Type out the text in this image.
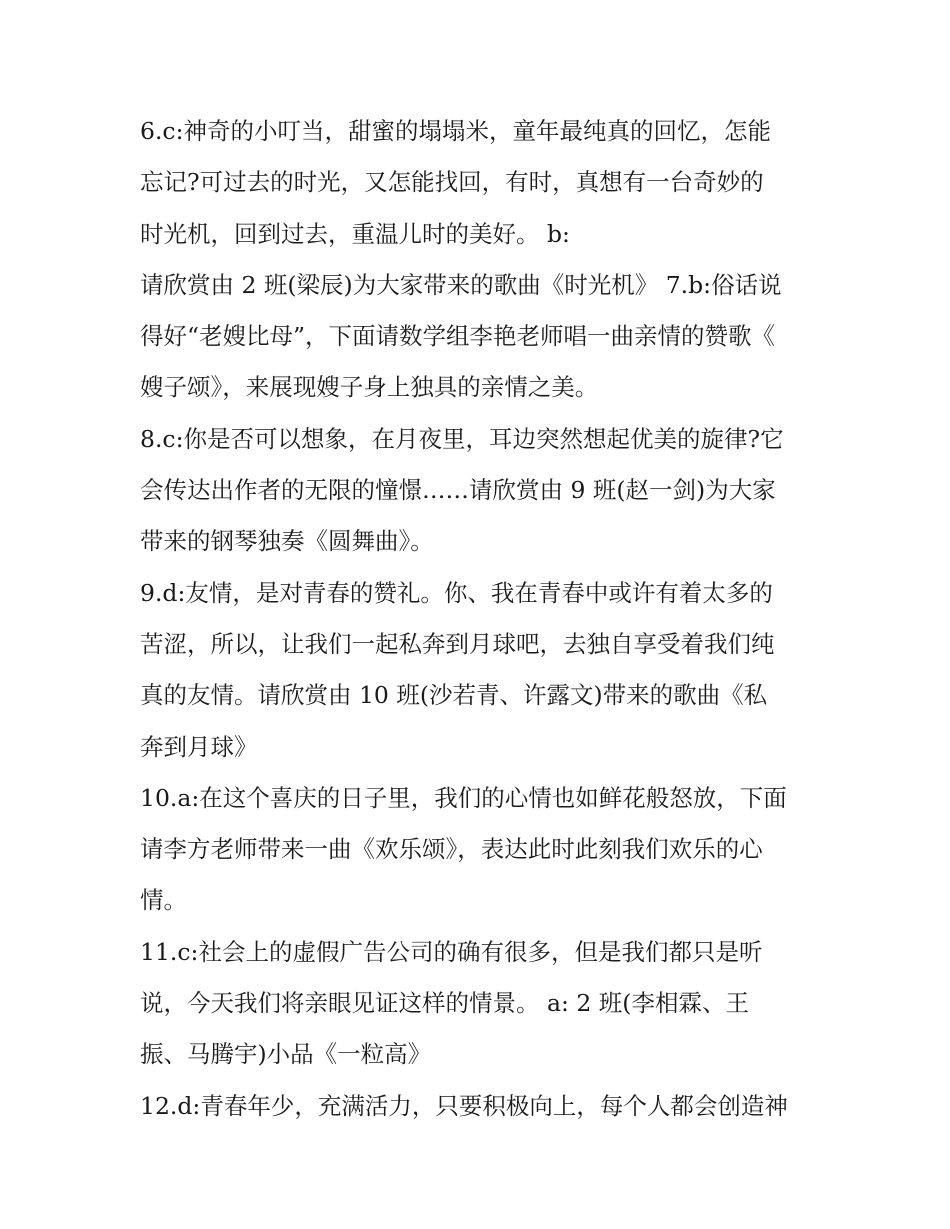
6.c:神奇的小叮当，甜蜜的塌塌米，童年最纯真的回忆，怎能
忘记?可过去的时光，又怎能找回，有时，真想有一台奇妙的
时光机，回到过去，重温儿时的美好。 b:
请欣赏由 2 班(梁辰)为大家带来的歌曲《时光机》 7.b:俗话说
得好“老嫂比母”，下面请数学组李艳老师唱一曲亲情的赞歌《
嫂子颂》，来展现嫂子身上独具的亲情之美。
8.c:你是否可以想象，在月夜里，耳边突然想起优美的旋律?它
会传达出作者的无限的憧憬……请欣赏由 9 班(赵一剑)为大家
带来的钢琴独奏《圆舞曲》。
9.d:友情，是对青春的赞礼。你、我在青春中或许有着太多的
苦涩，所以，让我们一起私奔到月球吧，去独自享受着我们纯
真的友情。请欣赏由 10 班(沙若青、许露文)带来的歌曲《私
奔到月球》
10.a:在这个喜庆的日子里，我们的心情也如鲜花般怒放，下面
请李方老师带来一曲《欢乐颂》，表达此时此刻我们欢乐的心
情。
11.c:社会上的虚假广告公司的确有很多，但是我们都只是听
说，今天我们将亲眼见证这样的情景。 a: 2 班(李相霖、王
振、马腾宇)小品《一粒高》
12.d:青春年少，充满活力，只要积极向上，每个人都会创造神
